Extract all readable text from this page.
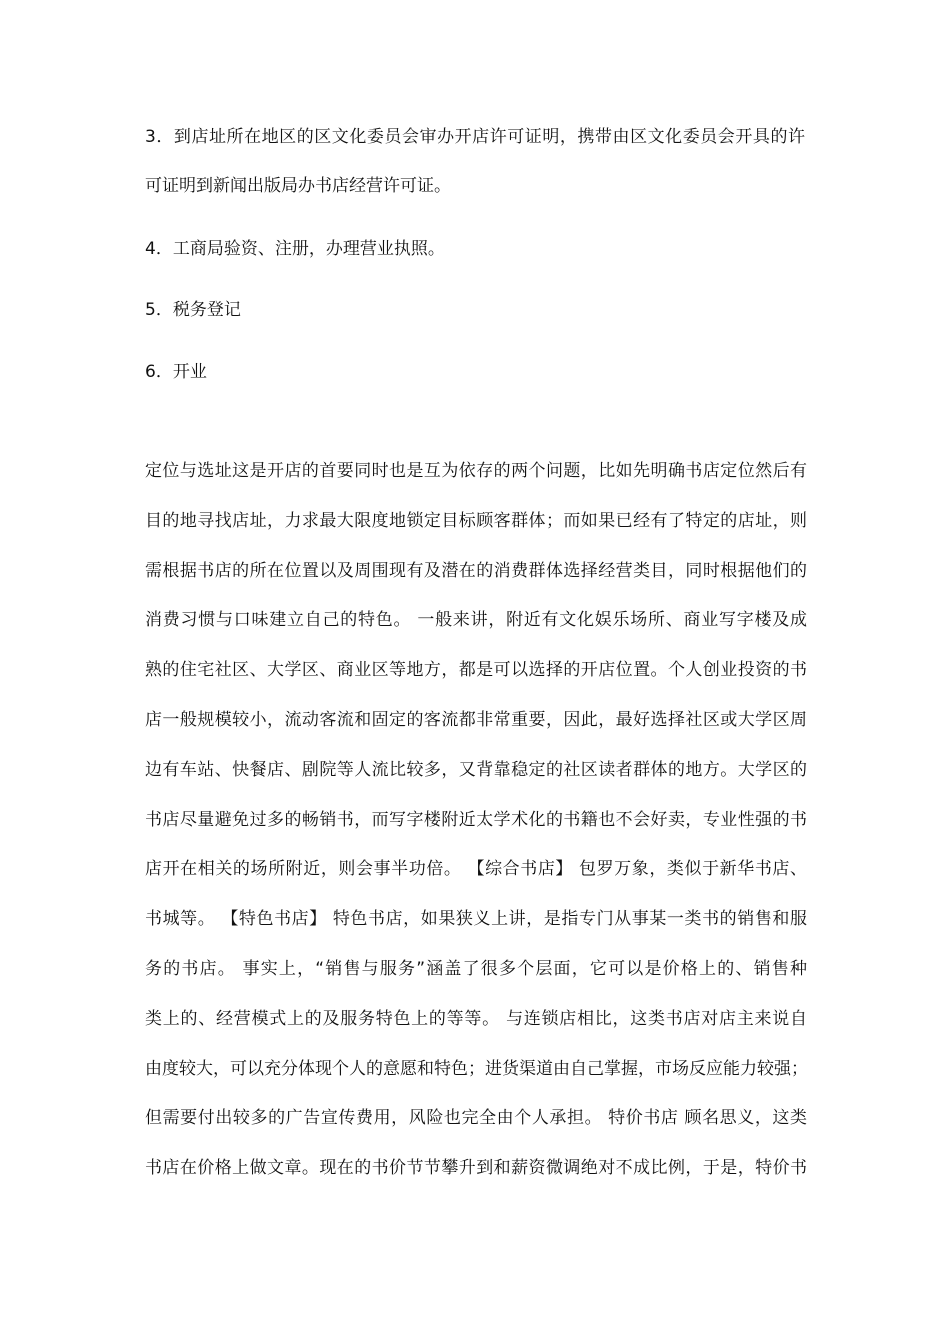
3．到店址所在地区的区文化委员会审办开店许可证明，携带由区文化委员会开具的许
可证明到新闻出版局办书店经营许可证。

4．工商局验资、注册，办理营业执照。

5．税务登记

6．开业

定位与选址这是开店的首要同时也是互为依存的两个问题，比如先明确书店定位然后有
目的地寻找店址，力求最大限度地锁定目标顾客群体；而如果已经有了特定的店址，则
需根据书店的所在位置以及周围现有及潜在的消费群体选择经营类目，同时根据他们的
消费习惯与口味建立自己的特色。 一般来讲，附近有文化娱乐场所、商业写字楼及成
熟的住宅社区、大学区、商业区等地方，都是可以选择的开店位置。个人创业投资的书
店一般规模较小，流动客流和固定的客流都非常重要，因此，最好选择社区或大学区周
边有车站、快餐店、剧院等人流比较多，又背靠稳定的社区读者群体的地方。大学区的
书店尽量避免过多的畅销书，而写字楼附近太学术化的书籍也不会好卖，专业性强的书
店开在相关的场所附近，则会事半功倍。 【综合书店】 包罗万象，类似于新华书店、
书城等。 【特色书店】 特色书店，如果狭义上讲，是指专门从事某一类书的销售和服
务的书店。 事实上，“销售与服务”涵盖了很多个层面，它可以是价格上的、销售种
类上的、经营模式上的及服务特色上的等等。 与连锁店相比，这类书店对店主来说自
由度较大，可以充分体现个人的意愿和特色；进货渠道由自己掌握，市场反应能力较强；
但需要付出较多的广告宣传费用，风险也完全由个人承担。 特价书店 顾名思义，这类
书店在价格上做文章。现在的书价节节攀升到和薪资微调绝对不成比例，于是，特价书
